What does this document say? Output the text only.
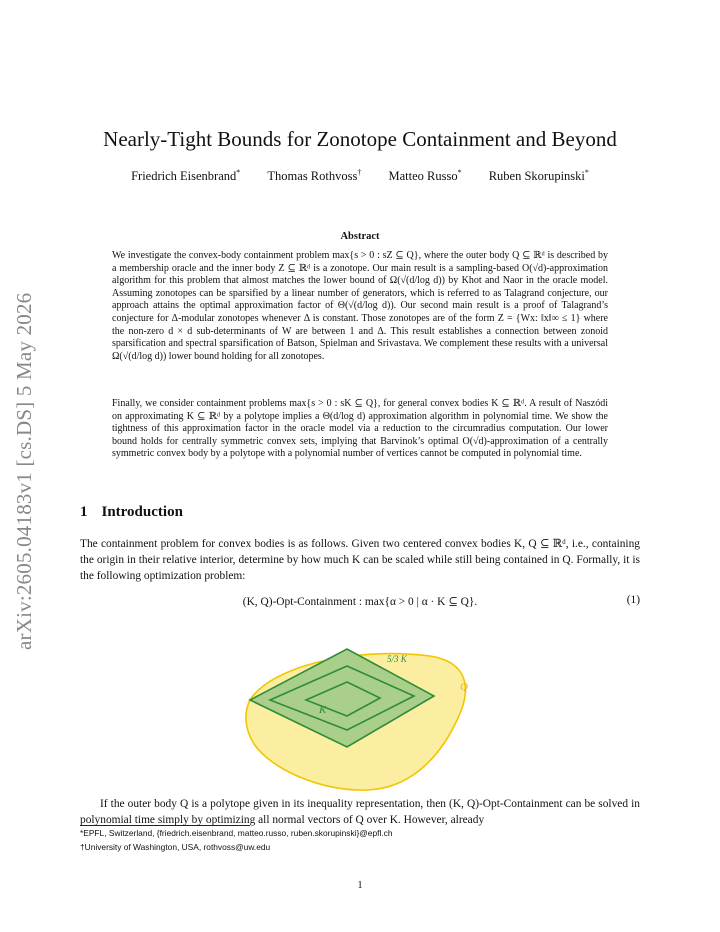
arXiv:2605.04183v1 [cs.DS] 5 May 2026
Nearly-Tight Bounds for Zonotope Containment and Beyond
Friedrich Eisenbrand* Thomas Rothvoss† Matteo Russo* Ruben Skorupinski*
Abstract
We investigate the convex-body containment problem max{s > 0 : sZ ⊆ Q}, where the outer body Q ⊆ ℝᵈ is described by a membership oracle and the inner body Z ⊆ ℝᵈ is a zonotope. Our main result is a sampling-based O(√d)-approximation algorithm for this problem that almost matches the lower bound of Ω(√(d/log d)) by Khot and Naor in the oracle model. Assuming zonotopes can be sparsified by a linear number of generators, which is referred to as Talagrand conjecture, our approach attains the optimal approximation factor of Θ(√(d/log d)). Our second main result is a proof of Talagrand’s conjecture for Δ-modular zonotopes whenever Δ is constant. Those zonotopes are of the form Z = {Wx: ‖x‖∞ ≤ 1} where the non-zero d × d sub-determinants of W are between 1 and Δ. This result establishes a connection between zonoid sparsification and spectral sparsification of Batson, Spielman and Srivastava. We complement these results with a universal Ω(√(d/log d)) lower bound holding for all zonotopes.
Finally, we consider containment problems max{s > 0 : sK ⊆ Q}, for general convex bodies K ⊆ ℝᵈ. A result of Naszódi on approximating K ⊆ ℝᵈ by a polytope implies a Θ(d/log d) approximation algorithm in polynomial time. We show the tightness of this approximation factor in the oracle model via a reduction to the circumradius computation. Our lower bound holds for centrally symmetric convex sets, implying that Barvinok’s optimal O(√d)-approximation of a centrally symmetric convex body by a polytope with a polynomial number of vertices cannot be computed in polynomial time.
1 Introduction
The containment problem for convex bodies is as follows. Given two centered convex bodies K, Q ⊆ ℝᵈ, i.e., containing the origin in their relative interior, determine by how much K can be scaled while still being contained in Q. Formally, it is the following optimization problem:
(K, Q)-Opt-Containment : max{α > 0 | α · K ⊆ Q}.	(1)
Q
K
5/3 K
If the outer body Q is a polytope given in its inequality representation, then (K, Q)-Opt-Containment can be solved in polynomial time simply by optimizing all normal vectors of Q over K. However, already
*EPFL, Switzerland, {friedrich.eisenbrand, matteo.russo, ruben.skorupinski}@epfl.ch
†University of Washington, USA, rothvoss@uw.edu
1
